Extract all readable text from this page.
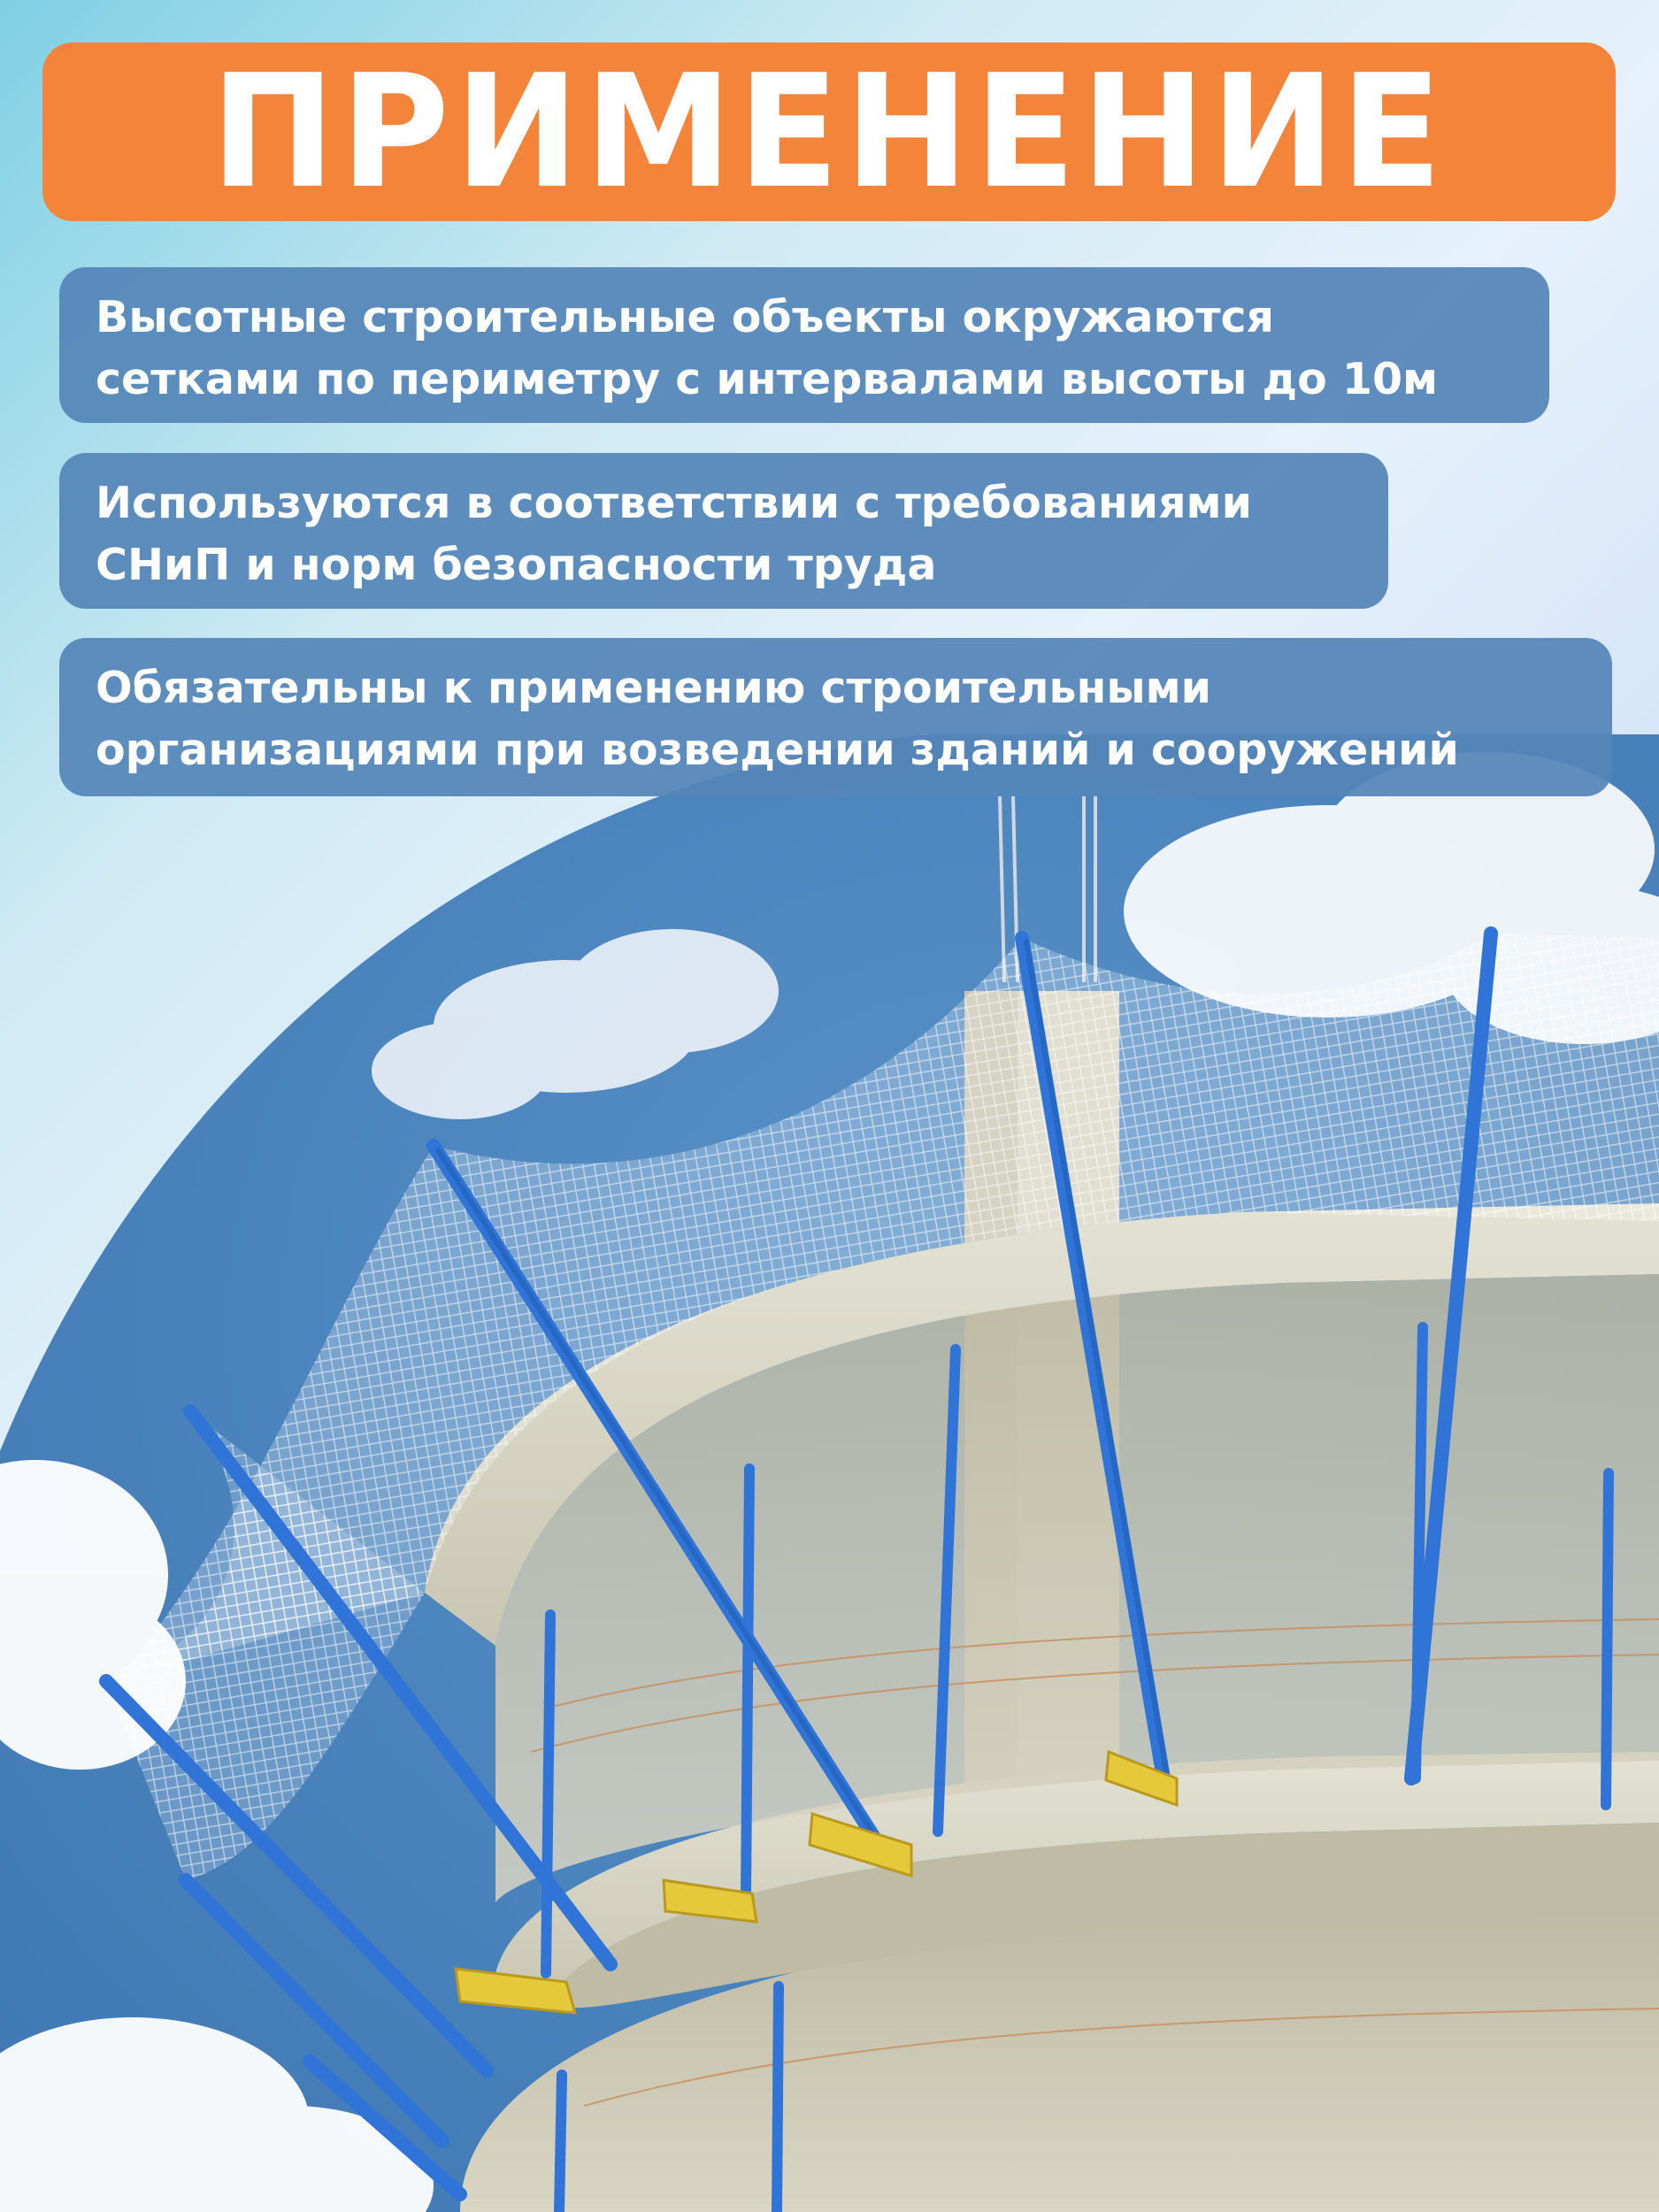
ПРИМЕНЕНИЕ
Высотные строительные объекты окружаются
сетками по периметру с интервалами высоты до 10м
Используются в соответствии с требованиями
СНиП и норм безопасности труда
Обязательны к применению строительными
организациями при возведении зданий и сооружений
